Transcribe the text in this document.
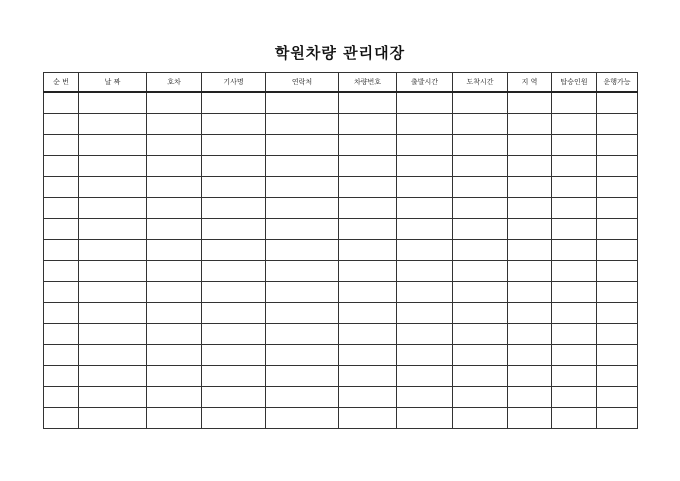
학원차량 관리대장
순 번	날 짜	호차	기사명	연락처	차량번호	출발시간	도착시간	지 역	탑승인원	운행가능
